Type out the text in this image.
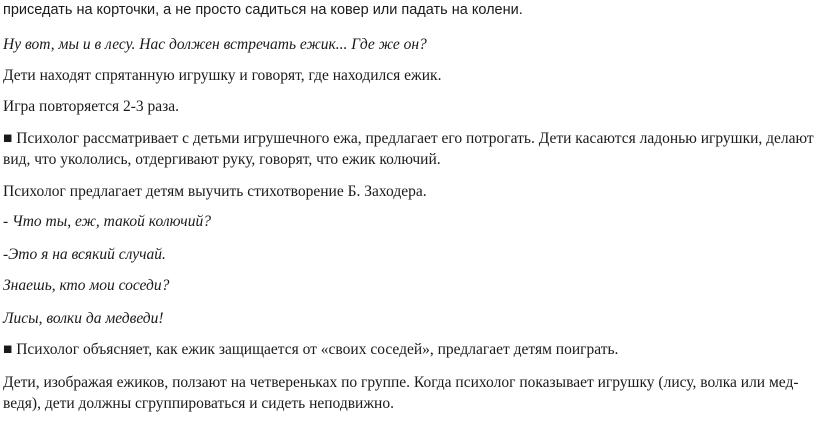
приседать на корточки, а не просто садиться на ковер или падать на колени.
Ну вот, мы и в лесу. Нас должен встречать ежик... Где же он?
Дети находят спрятанную игрушку и говорят, где находился ежик.
Игра повторяется 2-3 раза.
■ Психолог рассматривает с детьми игрушечного ежа, предлагает его потрогать. Дети касаются ладонью игрушки, делают
вид, что укололись, отдергивают руку, говорят, что ежик колючий.
Психолог предлагает детям выучить стихотворение Б. Заходера.
- Что ты, еж, такой колючий?
-Это я на всякий случай.
Знаешь, кто мои соседи?
Лисы, волки да медведи!
■ Психолог объясняет, как ежик защищается от «своих соседей», предлагает детям поиграть.
Дети, изображая ежиков, ползают на четвереньках по группе. Когда психолог показывает игрушку (лису, волка или мед-
ведя), дети должны сгруппироваться и сидеть неподвижно.
